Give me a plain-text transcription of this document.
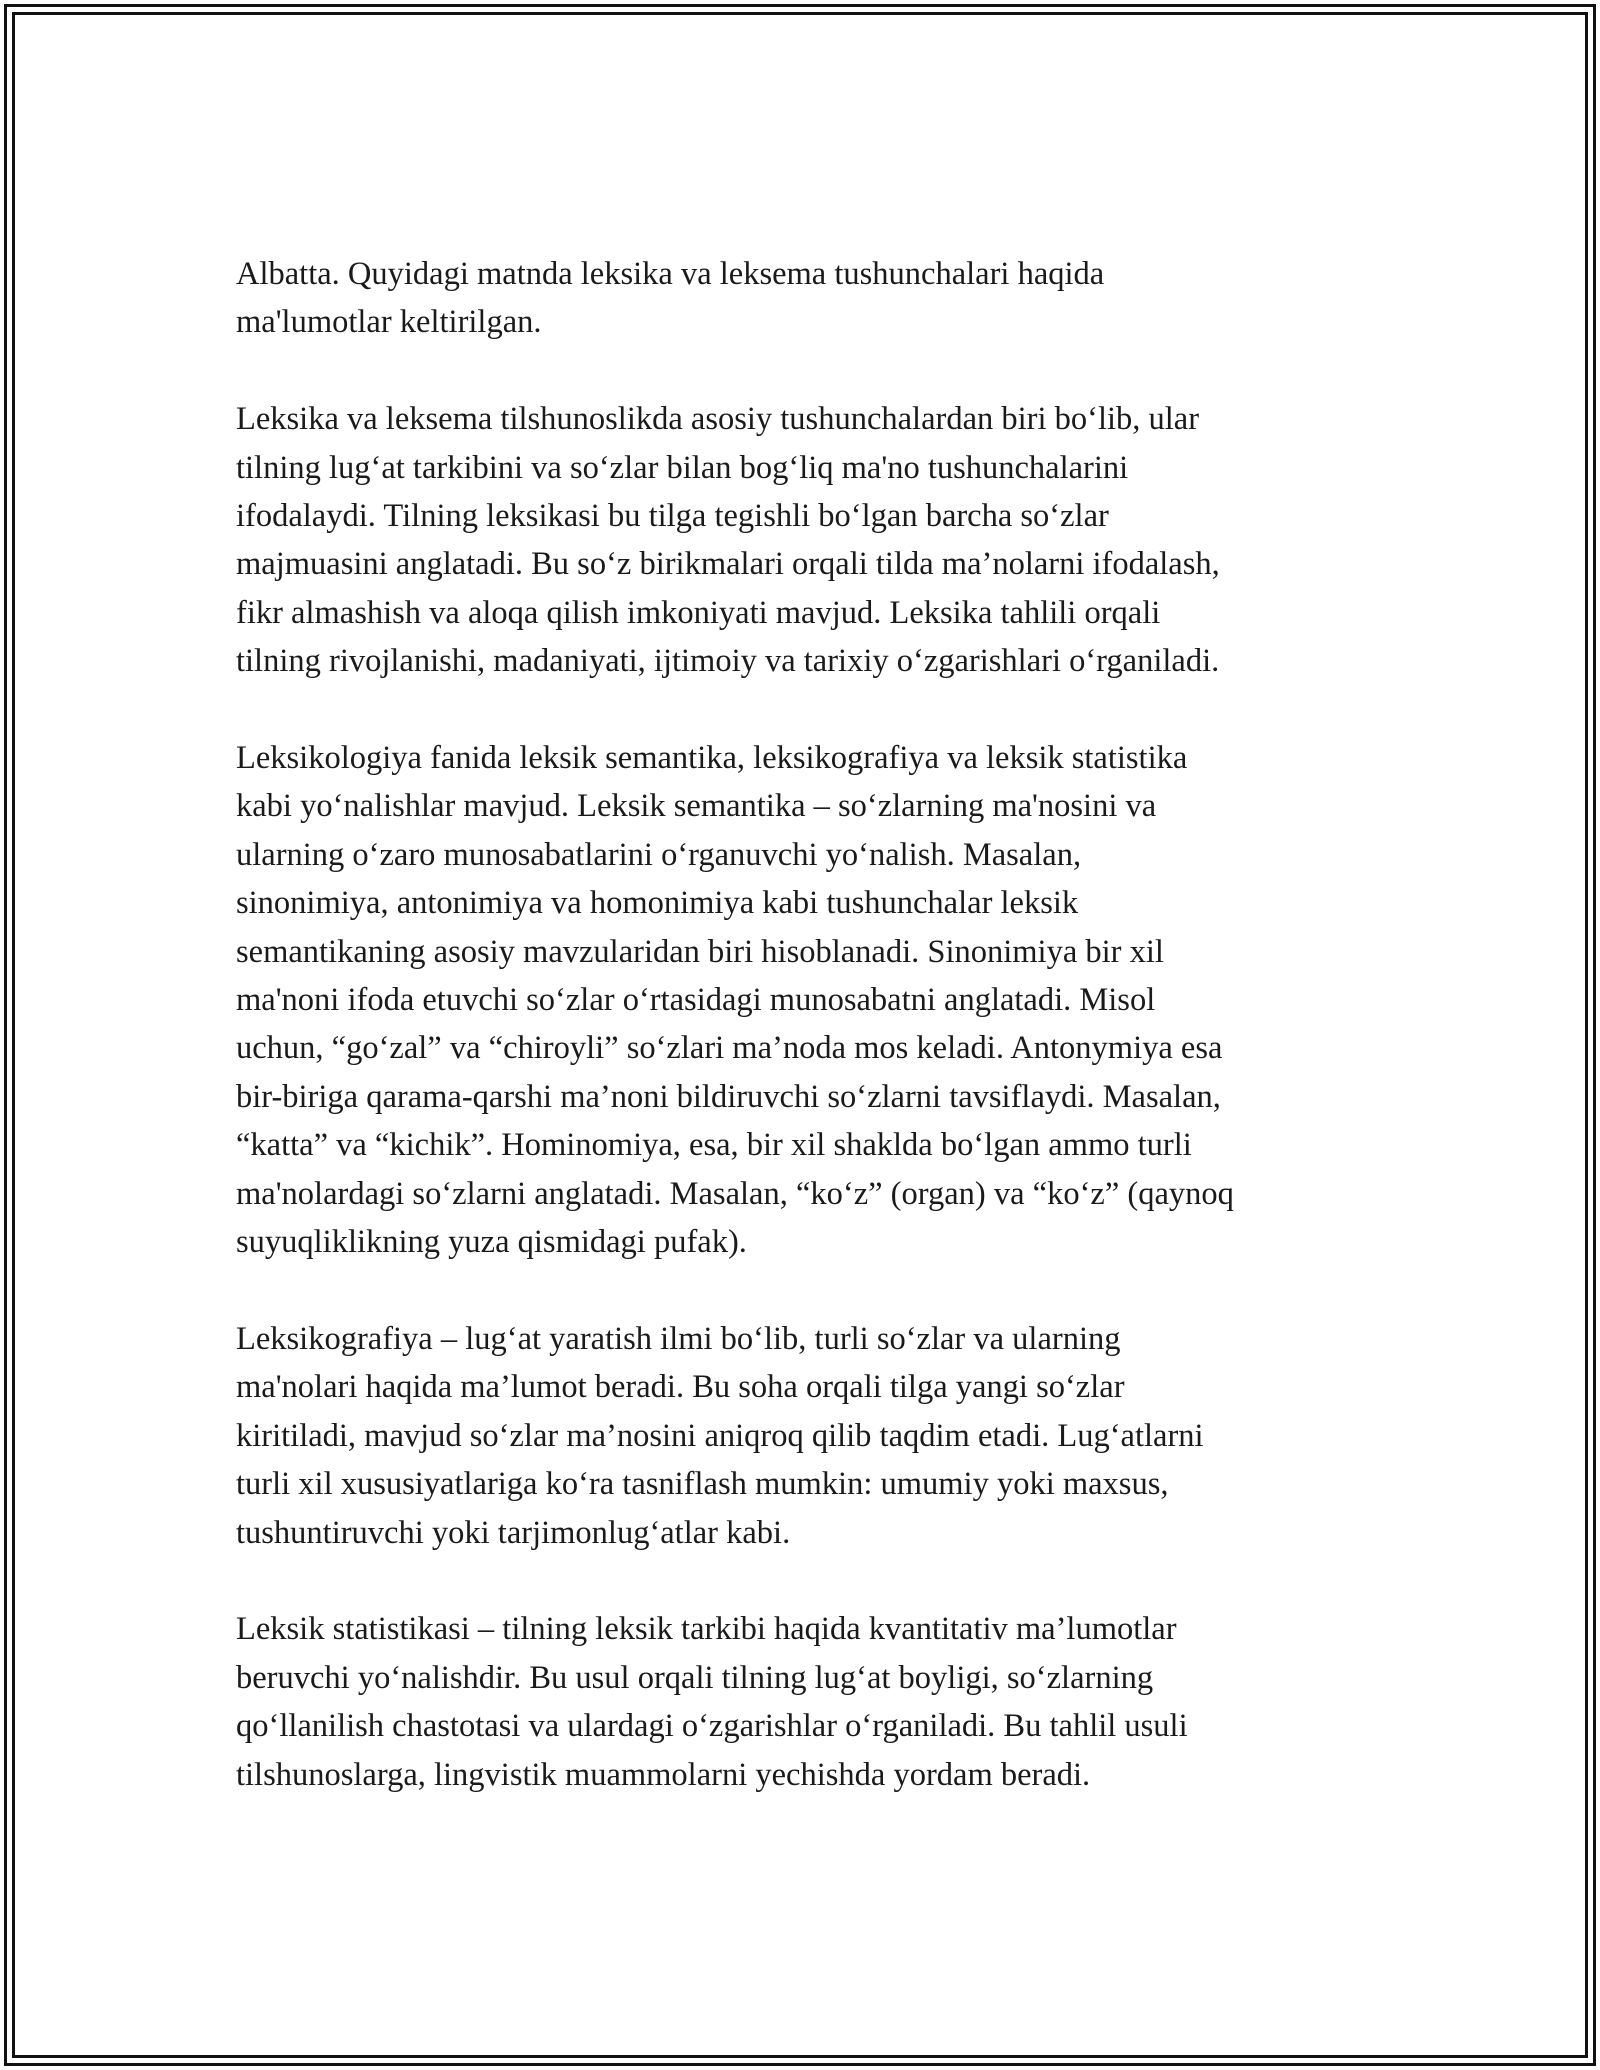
Albatta. Quyidagi matnda leksika va leksema tushunchalari haqida
ma'lumotlar keltirilgan.

Leksika va leksema tilshunoslikda asosiy tushunchalardan biri bo‘lib, ular
tilning lug‘at tarkibini va so‘zlar bilan bog‘liq ma'no tushunchalarini
ifodalaydi. Tilning leksikasi bu tilga tegishli bo‘lgan barcha so‘zlar
majmuasini anglatadi. Bu so‘z birikmalari orqali tilda ma’nolarni ifodalash,
fikr almashish va aloqa qilish imkoniyati mavjud. Leksika tahlili orqali
tilning rivojlanishi, madaniyati, ijtimoiy va tarixiy o‘zgarishlari o‘rganiladi.

Leksikologiya fanida leksik semantika, leksikografiya va leksik statistika
kabi yo‘nalishlar mavjud. Leksik semantika – so‘zlarning ma'nosini va
ularning o‘zaro munosabatlarini o‘rganuvchi yo‘nalish. Masalan,
sinonimiya, antonimiya va homonimiya kabi tushunchalar leksik
semantikaning asosiy mavzularidan biri hisoblanadi. Sinonimiya bir xil
ma'noni ifoda etuvchi so‘zlar o‘rtasidagi munosabatni anglatadi. Misol
uchun, “go‘zal” va “chiroyli” so‘zlari ma’noda mos keladi. Antonymiya esa
bir-biriga qarama-qarshi ma’noni bildiruvchi so‘zlarni tavsiflaydi. Masalan,
“katta” va “kichik”. Hominomiya, esa, bir xil shaklda bo‘lgan ammo turli
ma'nolardagi so‘zlarni anglatadi. Masalan, “ko‘z” (organ) va “ko‘z” (qaynoq
suyuqliklikning yuza qismidagi pufak).

Leksikografiya – lug‘at yaratish ilmi bo‘lib, turli so‘zlar va ularning
ma'nolari haqida ma’lumot beradi. Bu soha orqali tilga yangi so‘zlar
kiritiladi, mavjud so‘zlar ma’nosini aniqroq qilib taqdim etadi. Lug‘atlarni
turli xil xususiyatlariga ko‘ra tasniflash mumkin: umumiy yoki maxsus,
tushuntiruvchi yoki tarjimonlug‘atlar kabi.

Leksik statistikasi – tilning leksik tarkibi haqida kvantitativ ma’lumotlar
beruvchi yo‘nalishdir. Bu usul orqali tilning lug‘at boyligi, so‘zlarning
qo‘llanilish chastotasi va ulardagi o‘zgarishlar o‘rganiladi. Bu tahlil usuli
tilshunoslarga, lingvistik muammolarni yechishda yordam beradi.
